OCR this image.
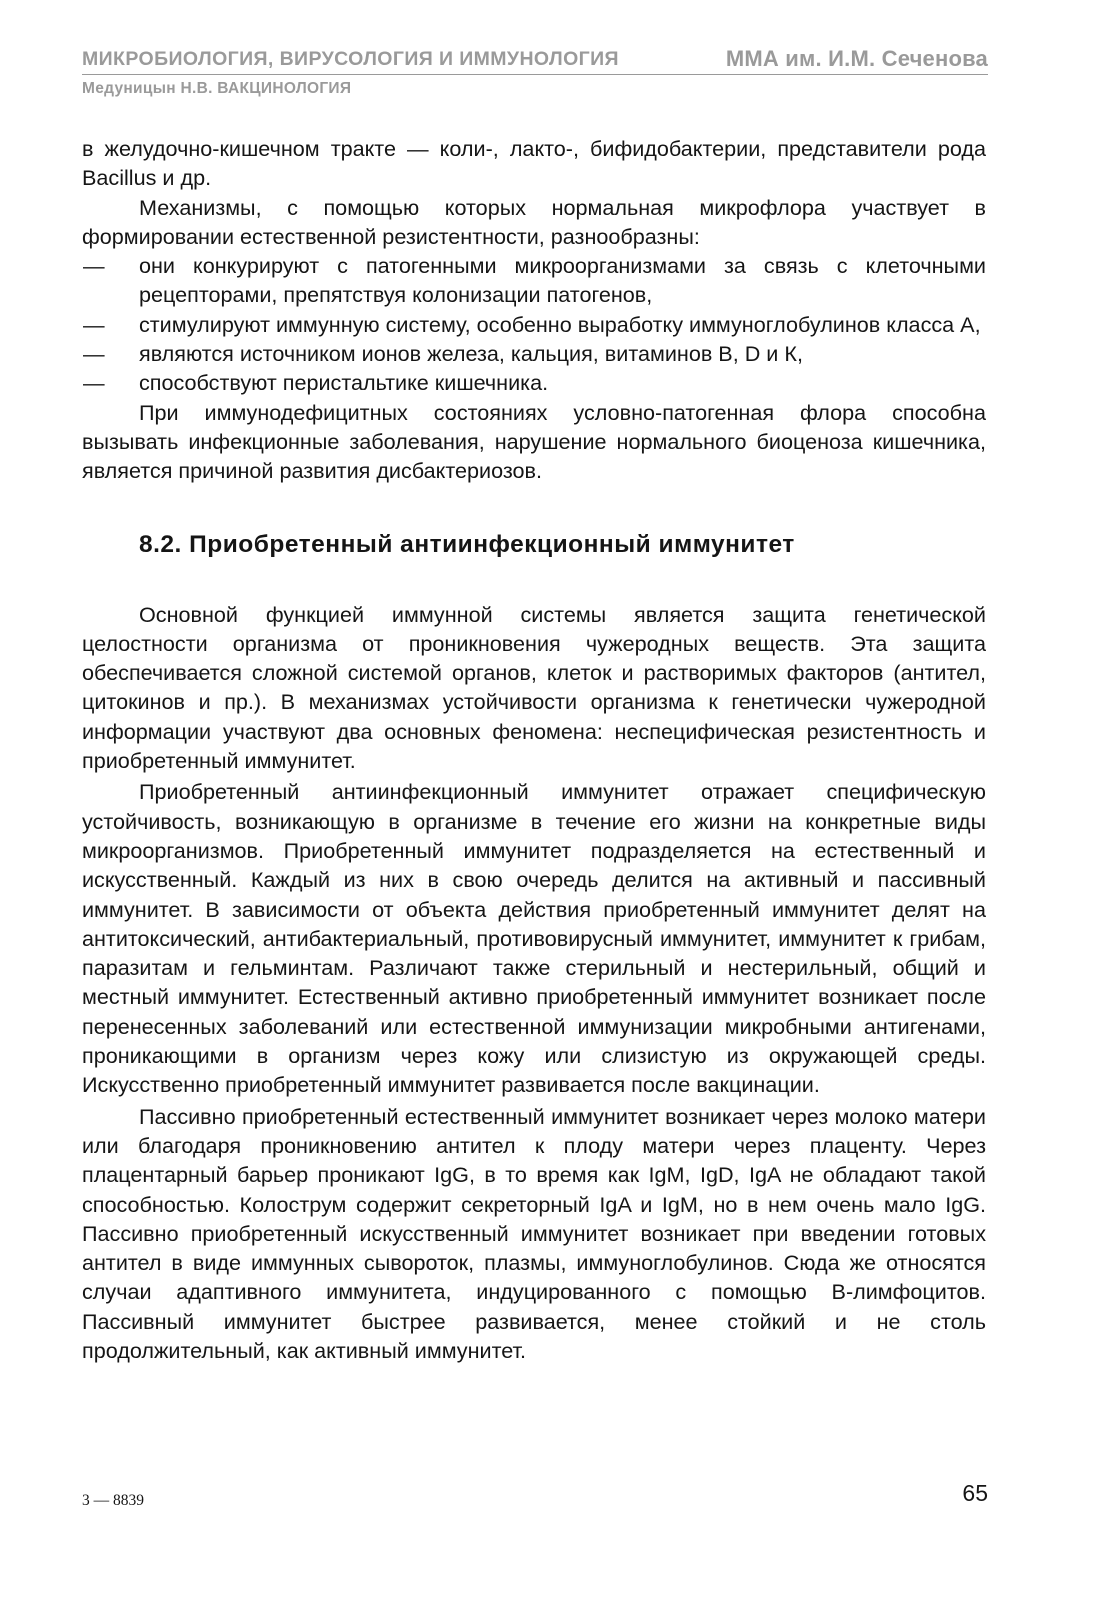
МИКРОБИОЛОГИЯ, ВИРУСОЛОГИЯ И ИММУНОЛОГИЯ	ММА им. И.М. Сеченова
Медуницын Н.В. ВАКЦИНОЛОГИЯ

в желудочно-кишечном тракте — коли-, лакто-, бифидобактерии, представители рода Bacillus и др.

Механизмы, с помощью которых нормальная микрофлора участвует в формировании естественной резистентности, разнообразны:

— они конкурируют с патогенными микроорганизмами за связь с клеточными рецепторами, препятствуя колонизации патогенов,
— стимулируют иммунную систему, особенно выработку иммуноглобулинов класса А,
— являются источником ионов железа, кальция, витаминов В, D и К,
— способствуют перистальтике кишечника.

При иммунодефицитных состояниях условно-патогенная флора способна вызывать инфекционные заболевания, нарушение нормального биоценоза кишечника, является причиной развития дисбактериозов.

8.2. Приобретенный антиинфекционный иммунитет

Основной функцией иммунной системы является защита генетической целостности организма от проникновения чужеродных веществ. Эта защита обеспечивается сложной системой органов, клеток и растворимых факторов (антител, цитокинов и пр.). В механизмах устойчивости организма к генетически чужеродной информации участвуют два основных феномена: неспецифическая резистентность и приобретенный иммунитет.

Приобретенный антиинфекционный иммунитет отражает специфическую устойчивость, возникающую в организме в течение его жизни на конкретные виды микроорганизмов. Приобретенный иммунитет подразделяется на естественный и искусственный. Каждый из них в свою очередь делится на активный и пассивный иммунитет. В зависимости от объекта действия приобретенный иммунитет делят на антитоксический, антибактериальный, противовирусный иммунитет, иммунитет к грибам, паразитам и гельминтам. Различают также стерильный и нестерильный, общий и местный иммунитет. Естественный активно приобретенный иммунитет возникает после перенесенных заболеваний или естественной иммунизации микробными антигенами, проникающими в организм через кожу или слизистую из окружающей среды. Искусственно приобретенный иммунитет развивается после вакцинации.

Пассивно приобретенный естественный иммунитет возникает через молоко матери или благодаря проникновению антител к плоду матери через плаценту. Через плацентарный барьер проникают IgG, в то время как IgM, IgD, IgA не обладают такой способностью. Колострум содержит секреторный IgA и IgM, но в нем очень мало IgG. Пассивно приобретенный искусственный иммунитет возникает при введении готовых антител в виде иммунных сывороток, плазмы, иммуноглобулинов. Сюда же относятся случаи адаптивного иммунитета, индуцированного с помощью В-лимфоцитов. Пассивный иммунитет быстрее развивается, менее стойкий и не столь продолжительный, как активный иммунитет.

3 — 8839	65
